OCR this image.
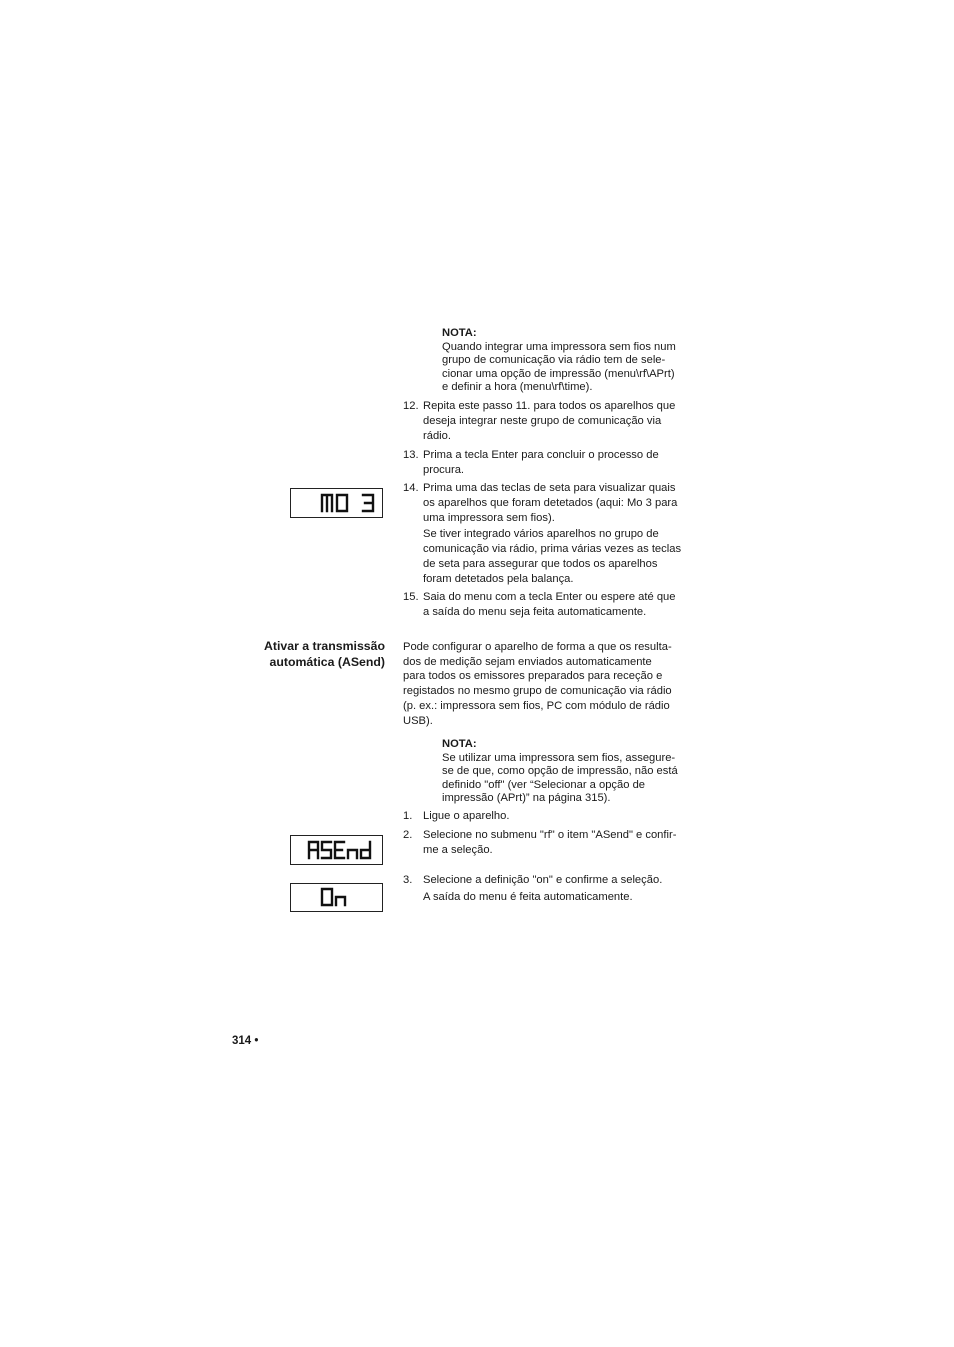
NOTA:
Quando integrar uma impressora sem fios num
grupo de comunicação via rádio tem de sele-
cionar uma opção de impressão (menu\rf\APrt)
e definir a hora (menu\rf\time).
12. Repita este passo 11. para todos os aparelhos que
deseja integrar neste grupo de comunicação via
rádio.
13. Prima a tecla Enter para concluir o processo de
procura.
14. Prima uma das teclas de seta para visualizar quais
os aparelhos que foram detetados (aqui: Mo 3 para
uma impressora sem fios).
Se tiver integrado vários aparelhos no grupo de
comunicação via rádio, prima várias vezes as teclas
de seta para assegurar que todos os aparelhos
foram detetados pela balança.
15. Saia do menu com a tecla Enter ou espere até que
a saída do menu seja feita automaticamente.
Ativar a transmissão
automática (ASend)
Pode configurar o aparelho de forma a que os resulta-
dos de medição sejam enviados automaticamente
para todos os emissores preparados para receção e
registados no mesmo grupo de comunicação via rádio
(p. ex.: impressora sem fios, PC com módulo de rádio
USB).
NOTA:
Se utilizar uma impressora sem fios, assegure-
se de que, como opção de impressão, não está
definido "off" (ver “Selecionar a opção de
impressão (APrt)” na página 315).
1. Ligue o aparelho.
2. Selecione no submenu "rf" o item "ASend" e confir-
me a seleção.
3. Selecione a definição "on" e confirme a seleção.
A saída do menu é feita automaticamente.
314 •
